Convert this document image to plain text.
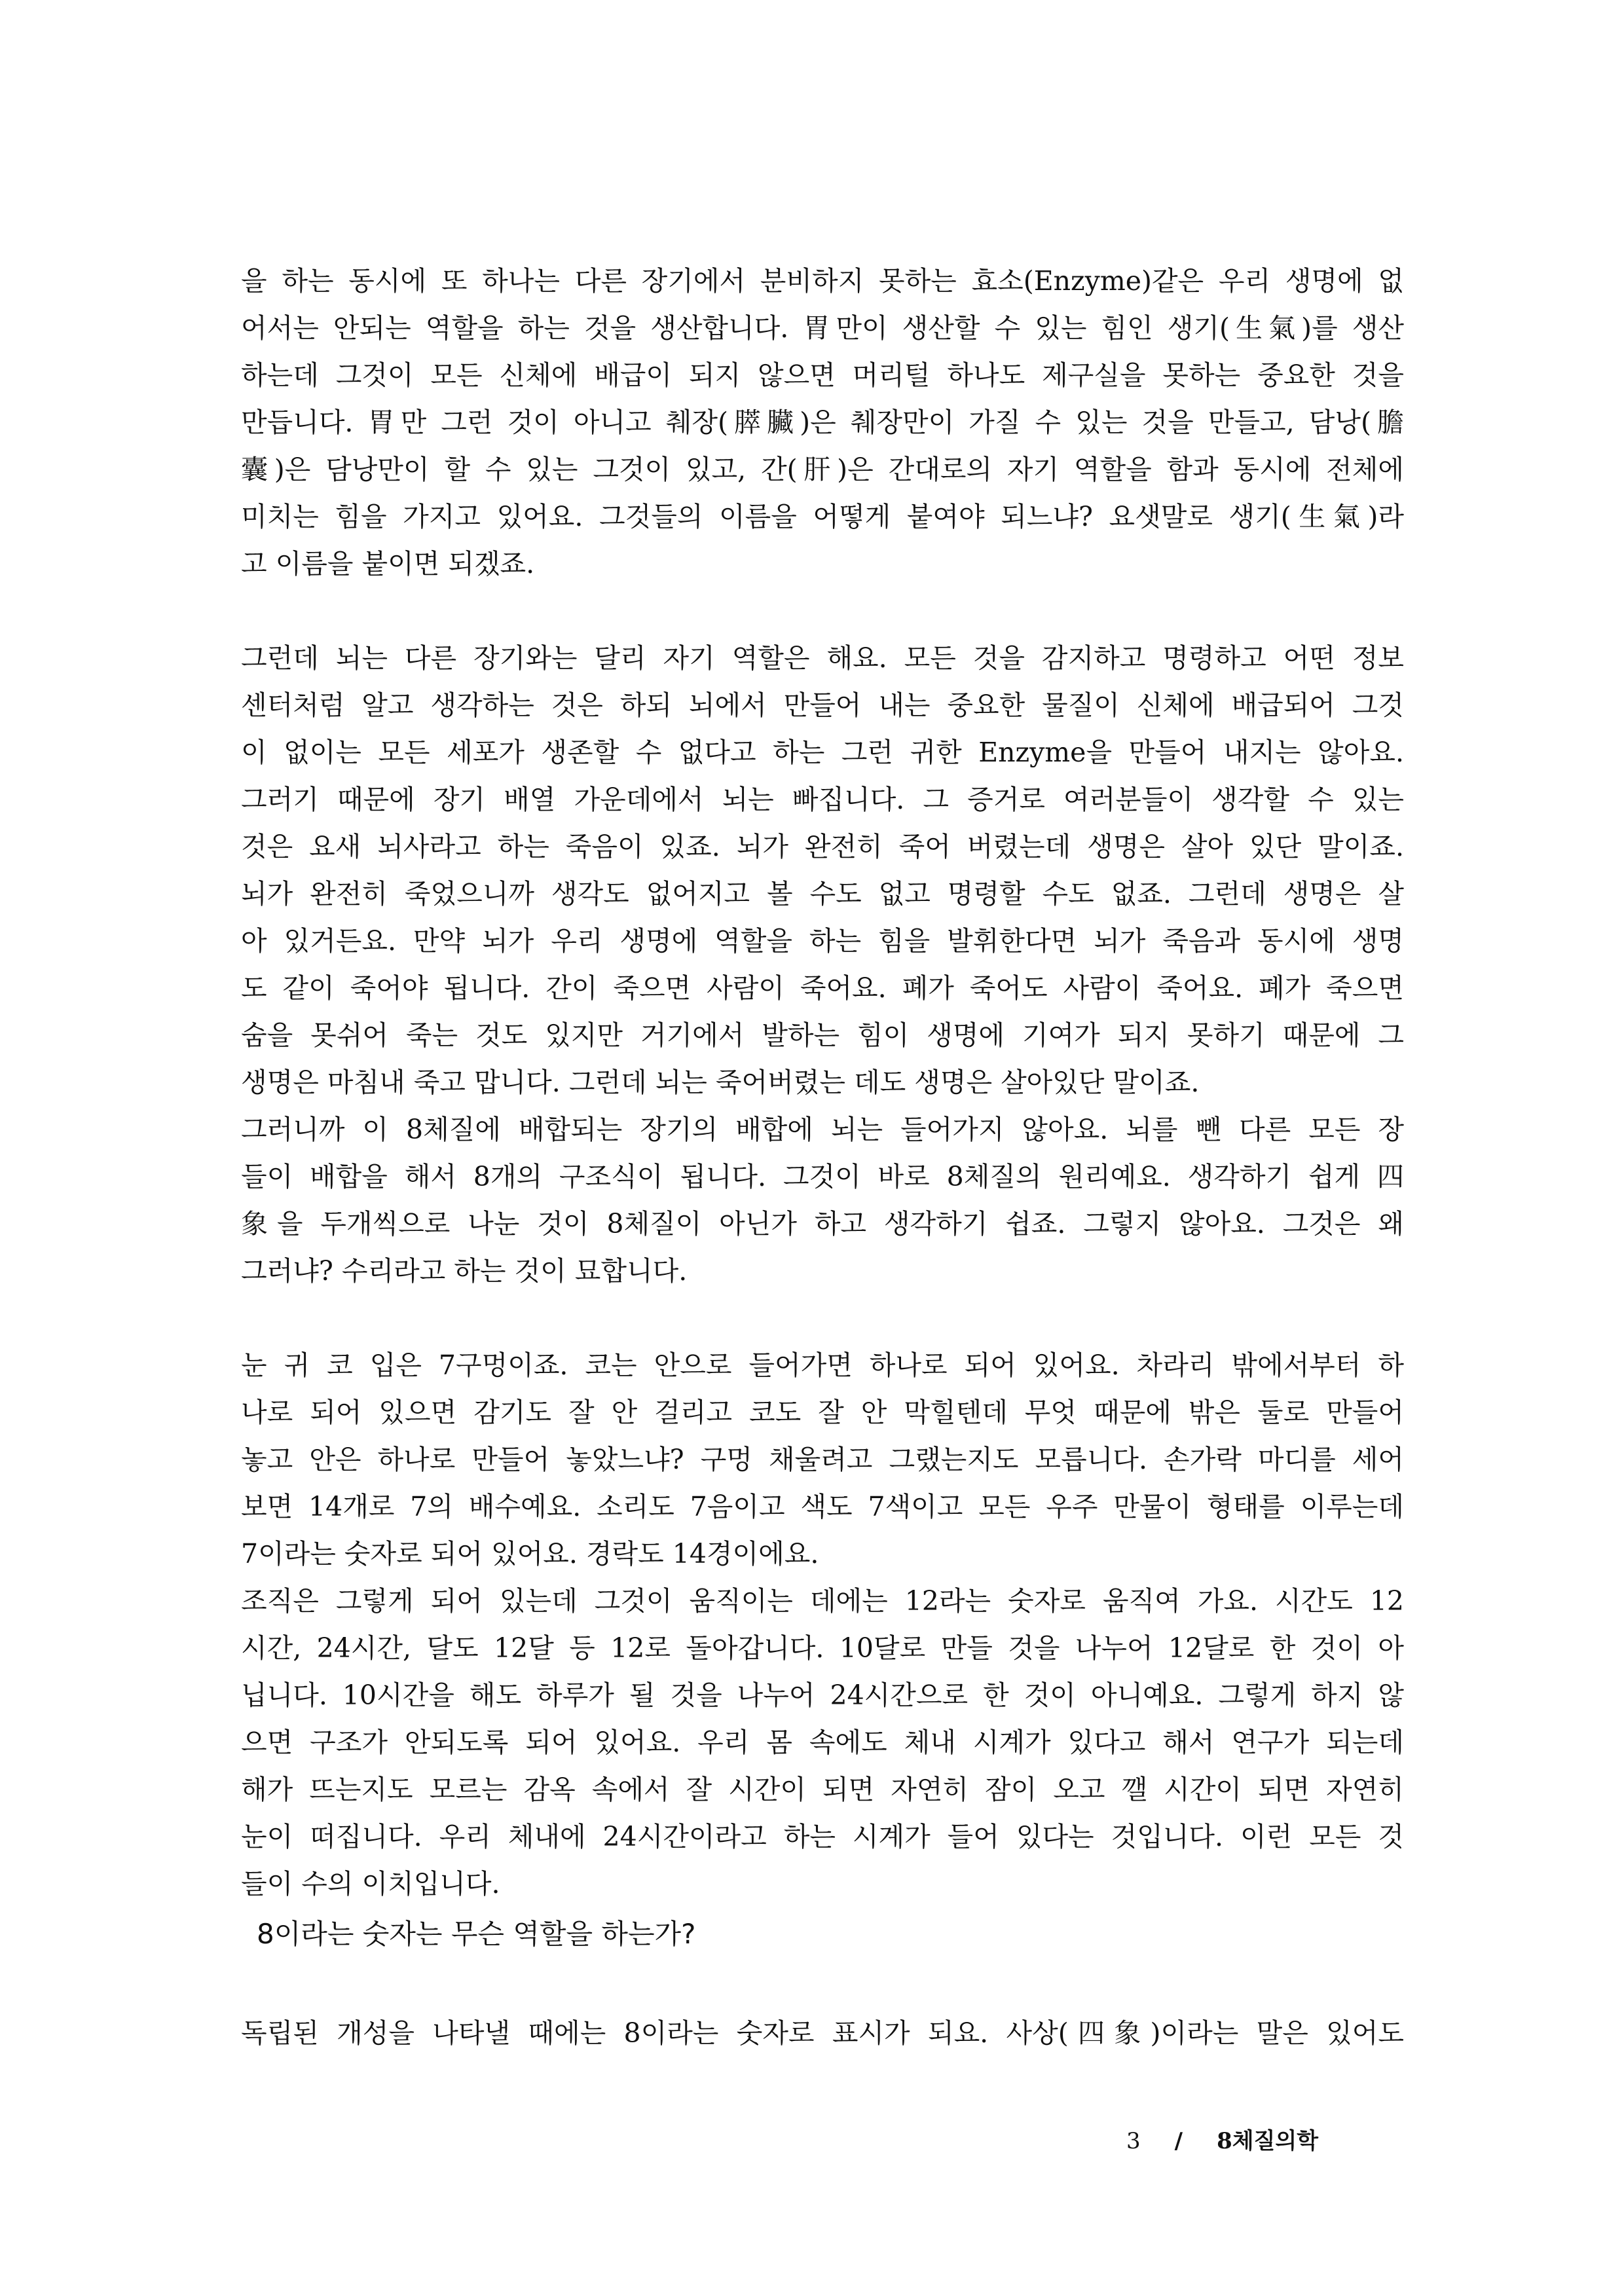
을 하는 동시에 또 하나는 다른 장기에서 분비하지 못하는 효소(Enzyme)같은 우리 생명에 없
어서는 안되는 역할을 하는 것을 생산합니다. 胃만이 생산할 수 있는 힘인 생기(生氣)를 생산
하는데 그것이 모든 신체에 배급이 되지 않으면 머리털 하나도 제구실을 못하는 중요한 것을
만듭니다. 胃만 그런 것이 아니고 췌장(膵臟)은 췌장만이 가질 수 있는 것을 만들고, 담낭(膽
囊)은 담낭만이 할 수 있는 그것이 있고, 간(肝)은 간대로의 자기 역할을 함과 동시에 전체에
미치는 힘을 가지고 있어요. 그것들의 이름을 어떻게 붙여야 되느냐? 요샛말로 생기(生氣)라
고 이름을 붙이면 되겠죠.
그런데 뇌는 다른 장기와는 달리 자기 역할은 해요. 모든 것을 감지하고 명령하고 어떤 정보
센터처럼 알고 생각하는 것은 하되 뇌에서 만들어 내는 중요한 물질이 신체에 배급되어 그것
이 없이는 모든 세포가 생존할 수 없다고 하는 그런 귀한 Enzyme을 만들어 내지는 않아요.
그러기 때문에 장기 배열 가운데에서 뇌는 빠집니다. 그 증거로 여러분들이 생각할 수 있는
것은 요새 뇌사라고 하는 죽음이 있죠. 뇌가 완전히 죽어 버렸는데 생명은 살아 있단 말이죠.
뇌가 완전히 죽었으니까 생각도 없어지고 볼 수도 없고 명령할 수도 없죠. 그런데 생명은 살
아 있거든요. 만약 뇌가 우리 생명에 역할을 하는 힘을 발휘한다면 뇌가 죽음과 동시에 생명
도 같이 죽어야 됩니다. 간이 죽으면 사람이 죽어요. 폐가 죽어도 사람이 죽어요. 폐가 죽으면
숨을 못쉬어 죽는 것도 있지만 거기에서 발하는 힘이 생명에 기여가 되지 못하기 때문에 그
생명은 마침내 죽고 맙니다. 그런데 뇌는 죽어버렸는 데도 생명은 살아있단 말이죠.
그러니까 이 8체질에 배합되는 장기의 배합에 뇌는 들어가지 않아요. 뇌를 뺀 다른 모든 장
들이 배합을 해서 8개의 구조식이 됩니다. 그것이 바로 8체질의 원리예요. 생각하기 쉽게 四
象을 두개씩으로 나눈 것이 8체질이 아닌가 하고 생각하기 쉽죠. 그렇지 않아요. 그것은 왜
그러냐? 수리라고 하는 것이 묘합니다.
눈 귀 코 입은 7구멍이죠. 코는 안으로 들어가면 하나로 되어 있어요. 차라리 밖에서부터 하
나로 되어 있으면 감기도 잘 안 걸리고 코도 잘 안 막힐텐데 무엇 때문에 밖은 둘로 만들어
놓고 안은 하나로 만들어 놓았느냐? 구멍 채울려고 그랬는지도 모릅니다. 손가락 마디를 세어
보면 14개로 7의 배수예요. 소리도 7음이고 색도 7색이고 모든 우주 만물이 형태를 이루는데
7이라는 숫자로 되어 있어요. 경락도 14경이에요.
조직은 그렇게 되어 있는데 그것이 움직이는 데에는 12라는 숫자로 움직여 가요. 시간도 12
시간, 24시간, 달도 12달 등 12로 돌아갑니다. 10달로 만들 것을 나누어 12달로 한 것이 아
닙니다. 10시간을 해도 하루가 될 것을 나누어 24시간으로 한 것이 아니예요. 그렇게 하지 않
으면 구조가 안되도록 되어 있어요. 우리 몸 속에도 체내 시계가 있다고 해서 연구가 되는데
해가 뜨는지도 모르는 감옥 속에서 잘 시간이 되면 자연히 잠이 오고 깰 시간이 되면 자연히
눈이 떠집니다. 우리 체내에 24시간이라고 하는 시계가 들어 있다는 것입니다. 이런 모든 것
들이 수의 이치입니다.
8이라는 숫자는 무슨 역할을 하는가?
독립된 개성을 나타낼 때에는 8이라는 숫자로 표시가 되요. 사상(四象)이라는 말은 있어도
3 / 8체질의학
